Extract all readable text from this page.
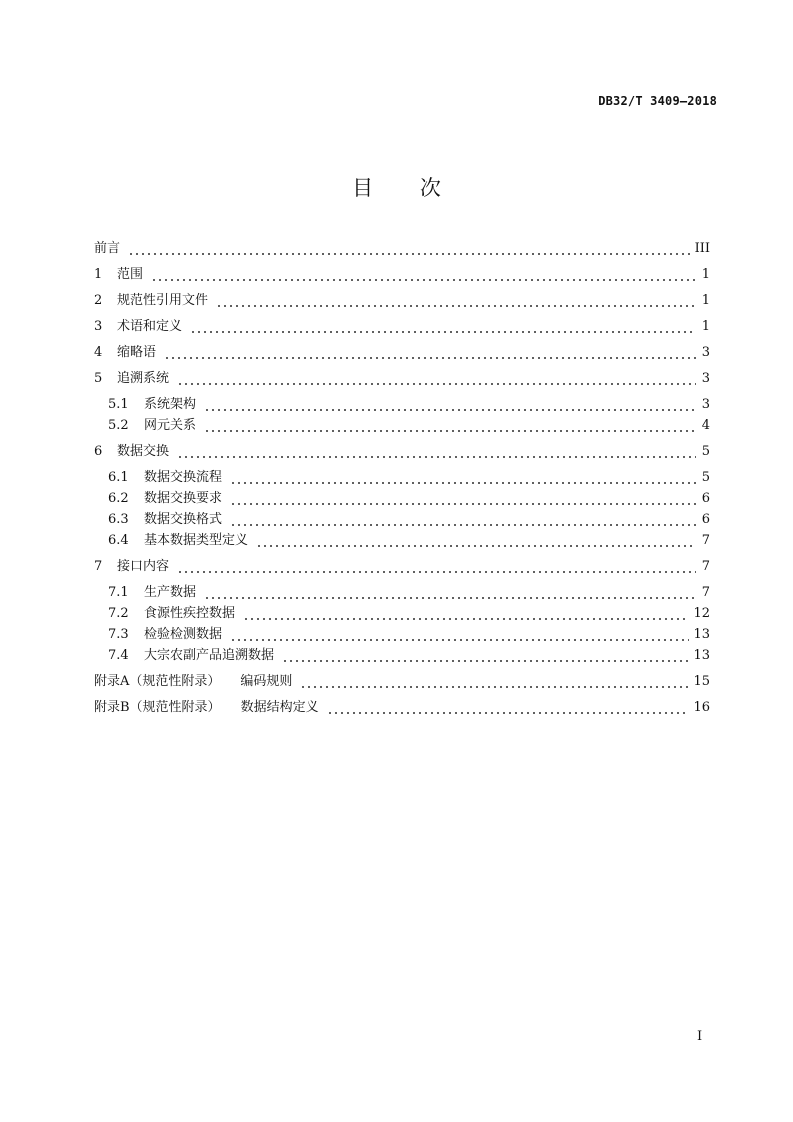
DB32/T 3409—2018
目 次
前言	III
1	范围	1
2	规范性引用文件	1
3	术语和定义	1
4	缩略语	3
5	追溯系统	3
5.1	系统架构	3
5.2	网元关系	4
6	数据交换	5
6.1	数据交换流程	5
6.2	数据交换要求	6
6.3	数据交换格式	6
6.4	基本数据类型定义	7
7	接口内容	7
7.1	生产数据	7
7.2	食源性疾控数据	12
7.3	检验检测数据	13
7.4	大宗农副产品追溯数据	13
附录A（规范性附录） 编码规则	15
附录B（规范性附录） 数据结构定义	16
I
